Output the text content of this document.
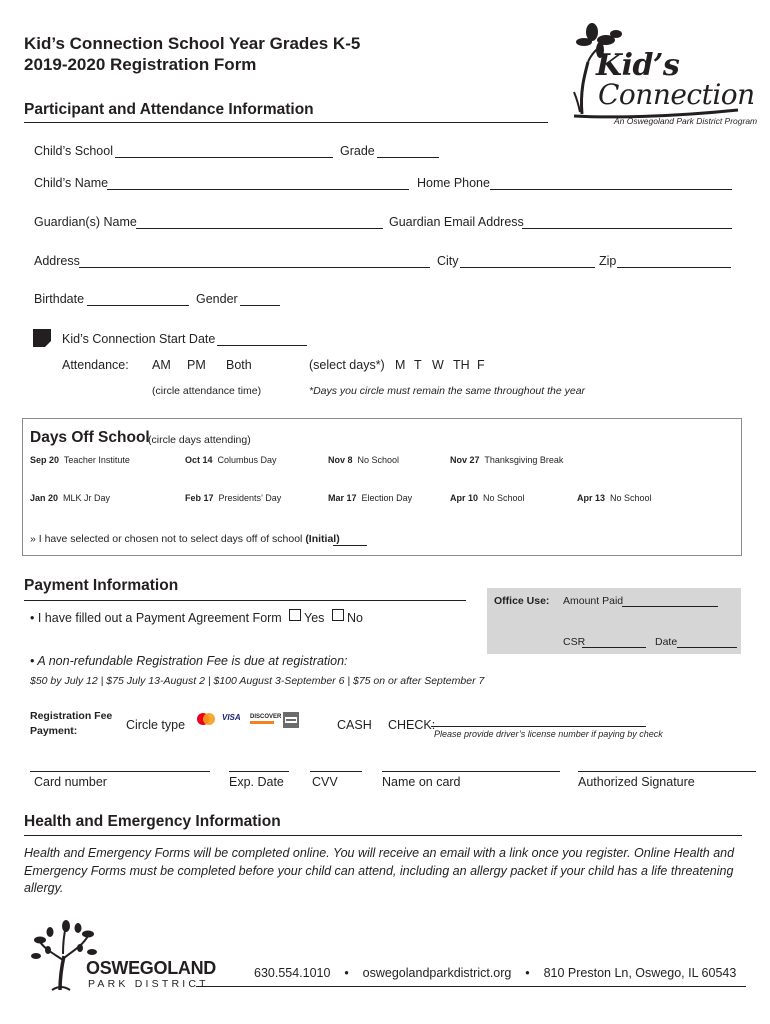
Kid’s Connection School Year Grades K-5
2019-2020 Registration Form	Kid’s
Connection
An Oswegoland Park District Program
Participant and Attendance Information
Child’s School	Grade
Child’s Name	Home Phone
Guardian(s) Name	Guardian Email Address
Address	City	Zip
Birthdate	Gender
Kid’s Connection Start Date
Attendance: AM PM Both	(select days*) M T W TH F
(circle attendance time)	*Days you circle must remain the same throughout the year
Days Off School
(circle days attending)
Sep 20 Teacher Institute	Oct 14 Columbus Day	Nov 8 No School	Nov 27 Thanksgiving Break
Jan 20 MLK Jr Day	Feb 17 Presidents’ Day	Mar 17 Election Day	Apr 10 No School	Apr 13 No School
» I have selected or chosen not to select days off of school (Initial)
Payment Information
Office Use: Amount Paid
CSR	Date
• I have filled out a Payment Agreement Form Yes No
• A non-refundable Registration Fee is due at registration:
$50 by July 12 | $75 July 13-August 2 | $100 August 3-September 6 | $75 on or after September 7
Registration Fee
Payment:	Circle type
VISA DISCOVER
CASH CHECK:
Please provide driver’s license number if paying by check
Card number	Exp. Date CVV	Name on card	Authorized Signature
Health and Emergency Information
Health and Emergency Forms will be completed online. You will receive an email with a link once you register. Online Health and
Emergency Forms must be completed before your child can attend, including an allergy packet if your child has a life threatening
allergy.
OSWEGOLAND
PARK DISTRICT
630.554.1010 • oswegolandparkdistrict.org • 810 Preston Ln, Oswego, IL 60543
